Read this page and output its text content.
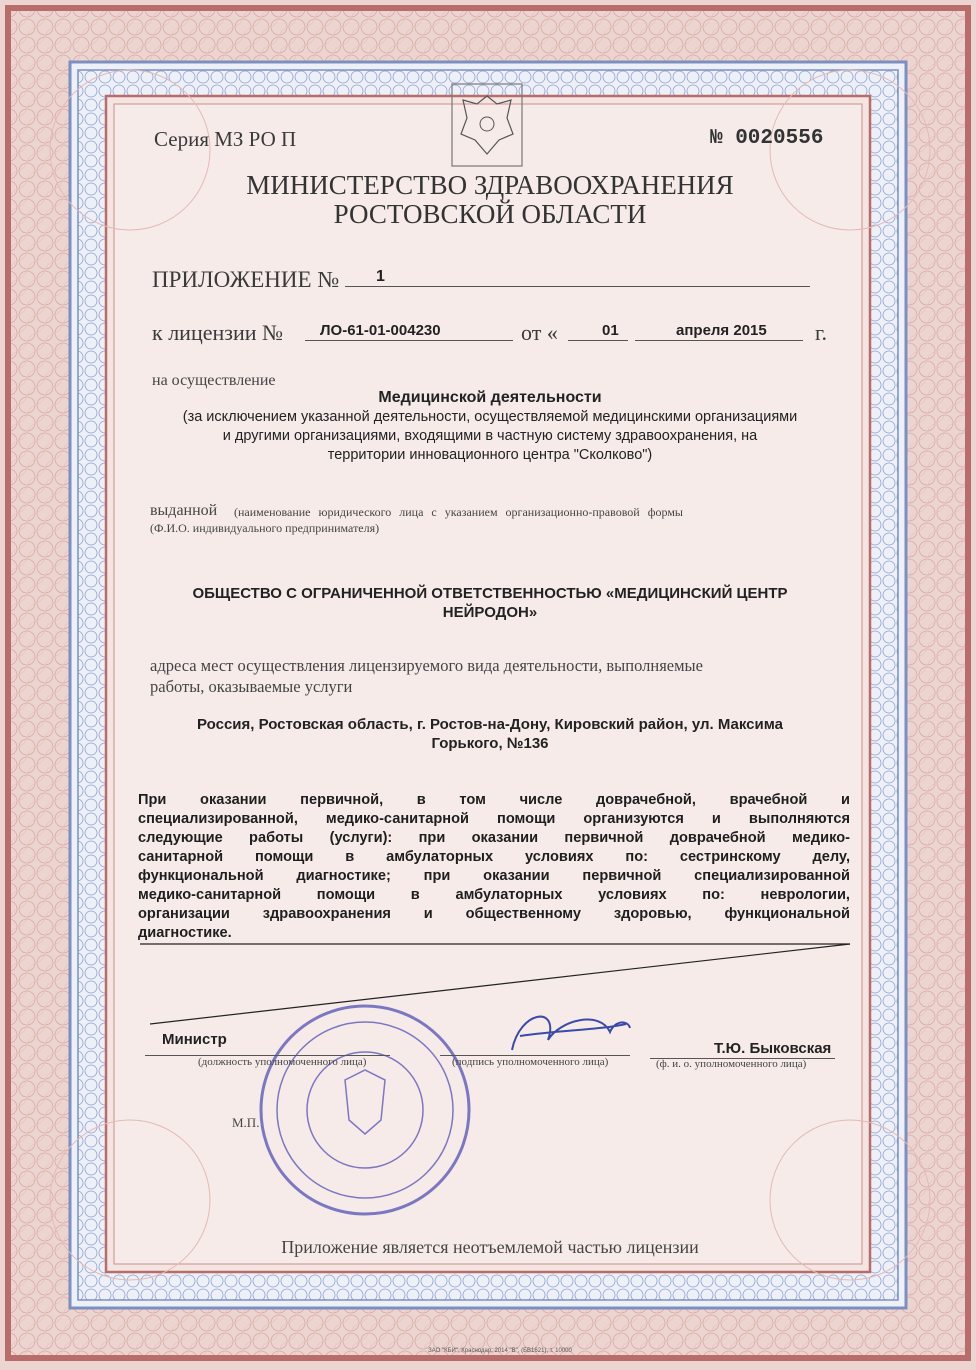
Серия МЗ РО П	№ 0020556
МИНИСТЕРСТВО ЗДРАВООХРАНЕНИЯ
РОСТОВСКОЙ ОБЛАСТИ
ПРИЛОЖЕНИЕ № 1
к лицензии № ЛО-61-01-004230	от «	01	апреля 2015 г.
на осуществление
Медицинской деятельности
(за исключением указанной деятельности, осуществляемой медицинскими организациями
и другими организациями, входящими в частную систему здравоохранения, на
территории инновационного центра "Сколково")
выданной (наименование юридического лица с указанием организационно-правовой формы
(Ф.И.О. индивидуального предпринимателя)
ОБЩЕСТВО С ОГРАНИЧЕННОЙ ОТВЕТСТВЕННОСТЬЮ «МЕДИЦИНСКИЙ ЦЕНТР
НЕЙРОДОН»
адреса мест осуществления лицензируемого вида деятельности, выполняемые
работы, оказываемые услуги
Россия, Ростовская область, г. Ростов-на-Дону, Кировский район, ул. Максима
Горького, №136
При оказании первичной, в том числе доврачебной, врачебной и
специализированной, медико-санитарной помощи организуются и выполняются
следующие работы (услуги): при оказании первичной доврачебной медико-
санитарной помощи в амбулаторных условиях по: сестринскому делу,
функциональной диагностике; при оказании первичной специализированной
медико-санитарной помощи в амбулаторных условиях по: неврологии,
организации здравоохранения и общественному здоровью, функциональной
диагностике.
Министр
(должность уполномоченного лица)	(подпись уполномоченного лица)
Т.Ю. Быковская
(ф. и. о. уполномоченного лица)
М.П.
Приложение является неотъемлемой частью лицензии
ЗАО "КБИ", Краснодар, 2014 "В", (БВ1621), т. 10000
